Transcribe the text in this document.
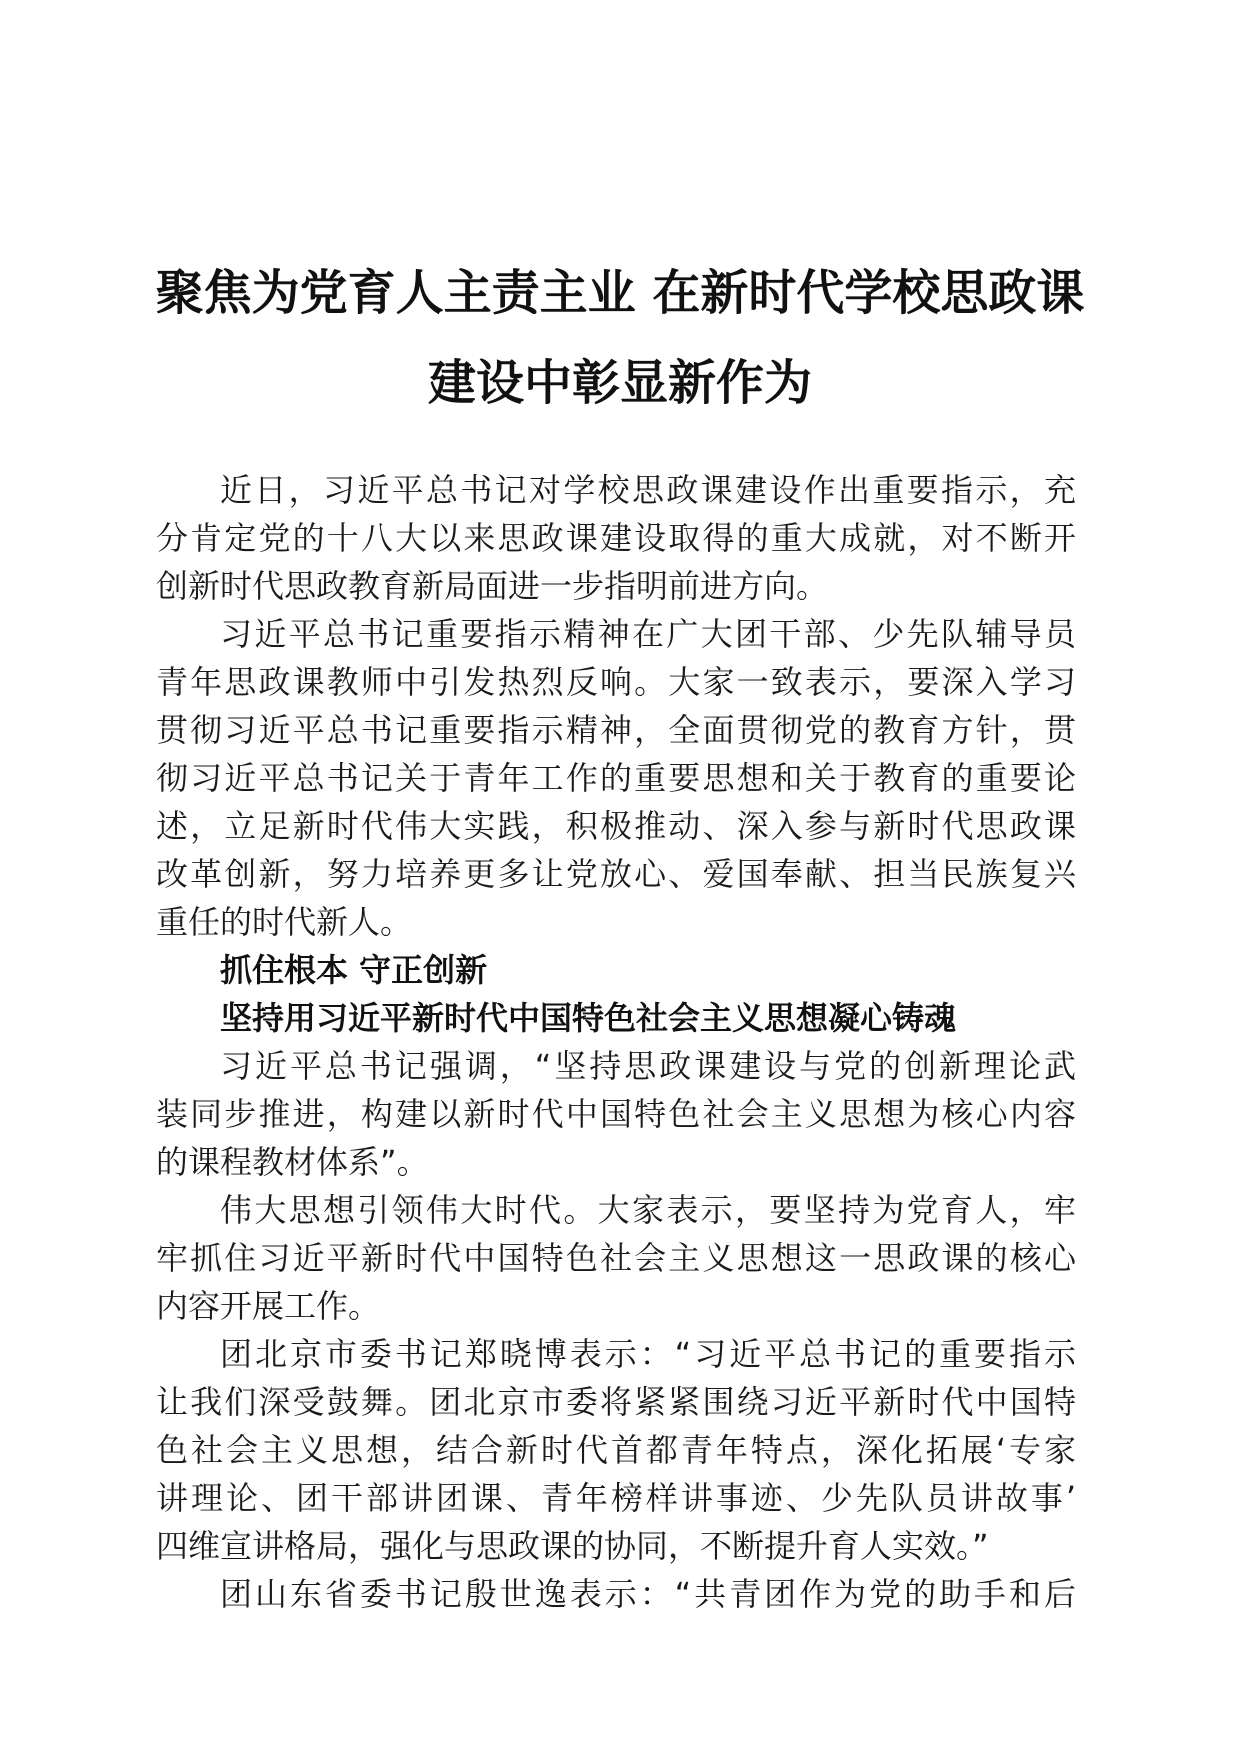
聚焦为党育人主责主业 在新时代学校思政课
建设中彰显新作为
近日，习近平总书记对学校思政课建设作出重要指示，充
分肯定党的十八大以来思政课建设取得的重大成就，对不断开
创新时代思政教育新局面进一步指明前进方向。
习近平总书记重要指示精神在广大团干部、少先队辅导员
青年思政课教师中引发热烈反响。大家一致表示，要深入学习
贯彻习近平总书记重要指示精神，全面贯彻党的教育方针，贯
彻习近平总书记关于青年工作的重要思想和关于教育的重要论
述，立足新时代伟大实践，积极推动、深入参与新时代思政课
改革创新，努力培养更多让党放心、爱国奉献、担当民族复兴
重任的时代新人。
抓住根本 守正创新
坚持用习近平新时代中国特色社会主义思想凝心铸魂
习近平总书记强调，“坚持思政课建设与党的创新理论武
装同步推进，构建以新时代中国特色社会主义思想为核心内容
的课程教材体系”。
伟大思想引领伟大时代。大家表示，要坚持为党育人，牢
牢抓住习近平新时代中国特色社会主义思想这一思政课的核心
内容开展工作。
团北京市委书记郑晓博表示：“习近平总书记的重要指示
让我们深受鼓舞。团北京市委将紧紧围绕习近平新时代中国特
色社会主义思想，结合新时代首都青年特点，深化拓展‘专家
讲理论、团干部讲团课、青年榜样讲事迹、少先队员讲故事’
四维宣讲格局，强化与思政课的协同，不断提升育人实效。”
团山东省委书记殷世逸表示：“共青团作为党的助手和后
